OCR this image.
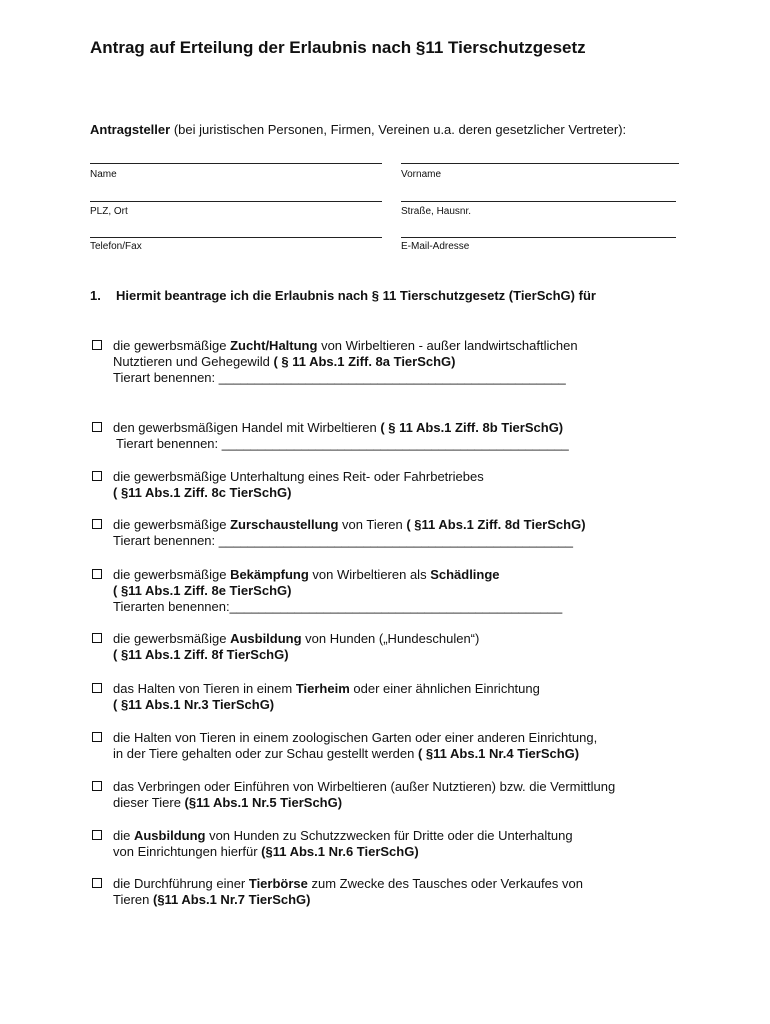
Antrag auf Erteilung der Erlaubnis nach §11 Tierschutzgesetz
Antragsteller (bei juristischen Personen, Firmen, Vereinen u.a. deren gesetzlicher Vertreter):
Name	Vorname
PLZ, Ort	Straße, Hausnr.
Telefon/Fax	E-Mail-Adresse
1. Hiermit beantrage ich die Erlaubnis nach § 11 Tierschutzgesetz (TierSchG) für
die gewerbsmäßige Zucht/Haltung von Wirbeltieren - außer landwirtschaftlichen
Nutztieren und Gehegewild ( § 11 Abs.1 Ziff. 8a TierSchG)
Tierart benennen: ________________________________________________
den gewerbsmäßigen Handel mit Wirbeltieren ( § 11 Abs.1 Ziff. 8b TierSchG)
Tierart benennen: ________________________________________________
die gewerbsmäßige Unterhaltung eines Reit- oder Fahrbetriebes
( §11 Abs.1 Ziff. 8c TierSchG)
die gewerbsmäßige Zurschaustellung von Tieren ( §11 Abs.1 Ziff. 8d TierSchG)
Tierart benennen: _________________________________________________
die gewerbsmäßige Bekämpfung von Wirbeltieren als Schädlinge
( §11 Abs.1 Ziff. 8e TierSchG)
Tierarten benennen:______________________________________________
die gewerbsmäßige Ausbildung von Hunden („Hundeschulen“)
( §11 Abs.1 Ziff. 8f TierSchG)
das Halten von Tieren in einem Tierheim oder einer ähnlichen Einrichtung
( §11 Abs.1 Nr.3 TierSchG)
die Halten von Tieren in einem zoologischen Garten oder einer anderen Einrichtung,
in der Tiere gehalten oder zur Schau gestellt werden ( §11 Abs.1 Nr.4 TierSchG)
das Verbringen oder Einführen von Wirbeltieren (außer Nutztieren) bzw. die Vermittlung
dieser Tiere (§11 Abs.1 Nr.5 TierSchG)
die Ausbildung von Hunden zu Schutzzwecken für Dritte oder die Unterhaltung
von Einrichtungen hierfür (§11 Abs.1 Nr.6 TierSchG)
die Durchführung einer Tierbörse zum Zwecke des Tausches oder Verkaufes von
Tieren (§11 Abs.1 Nr.7 TierSchG)
